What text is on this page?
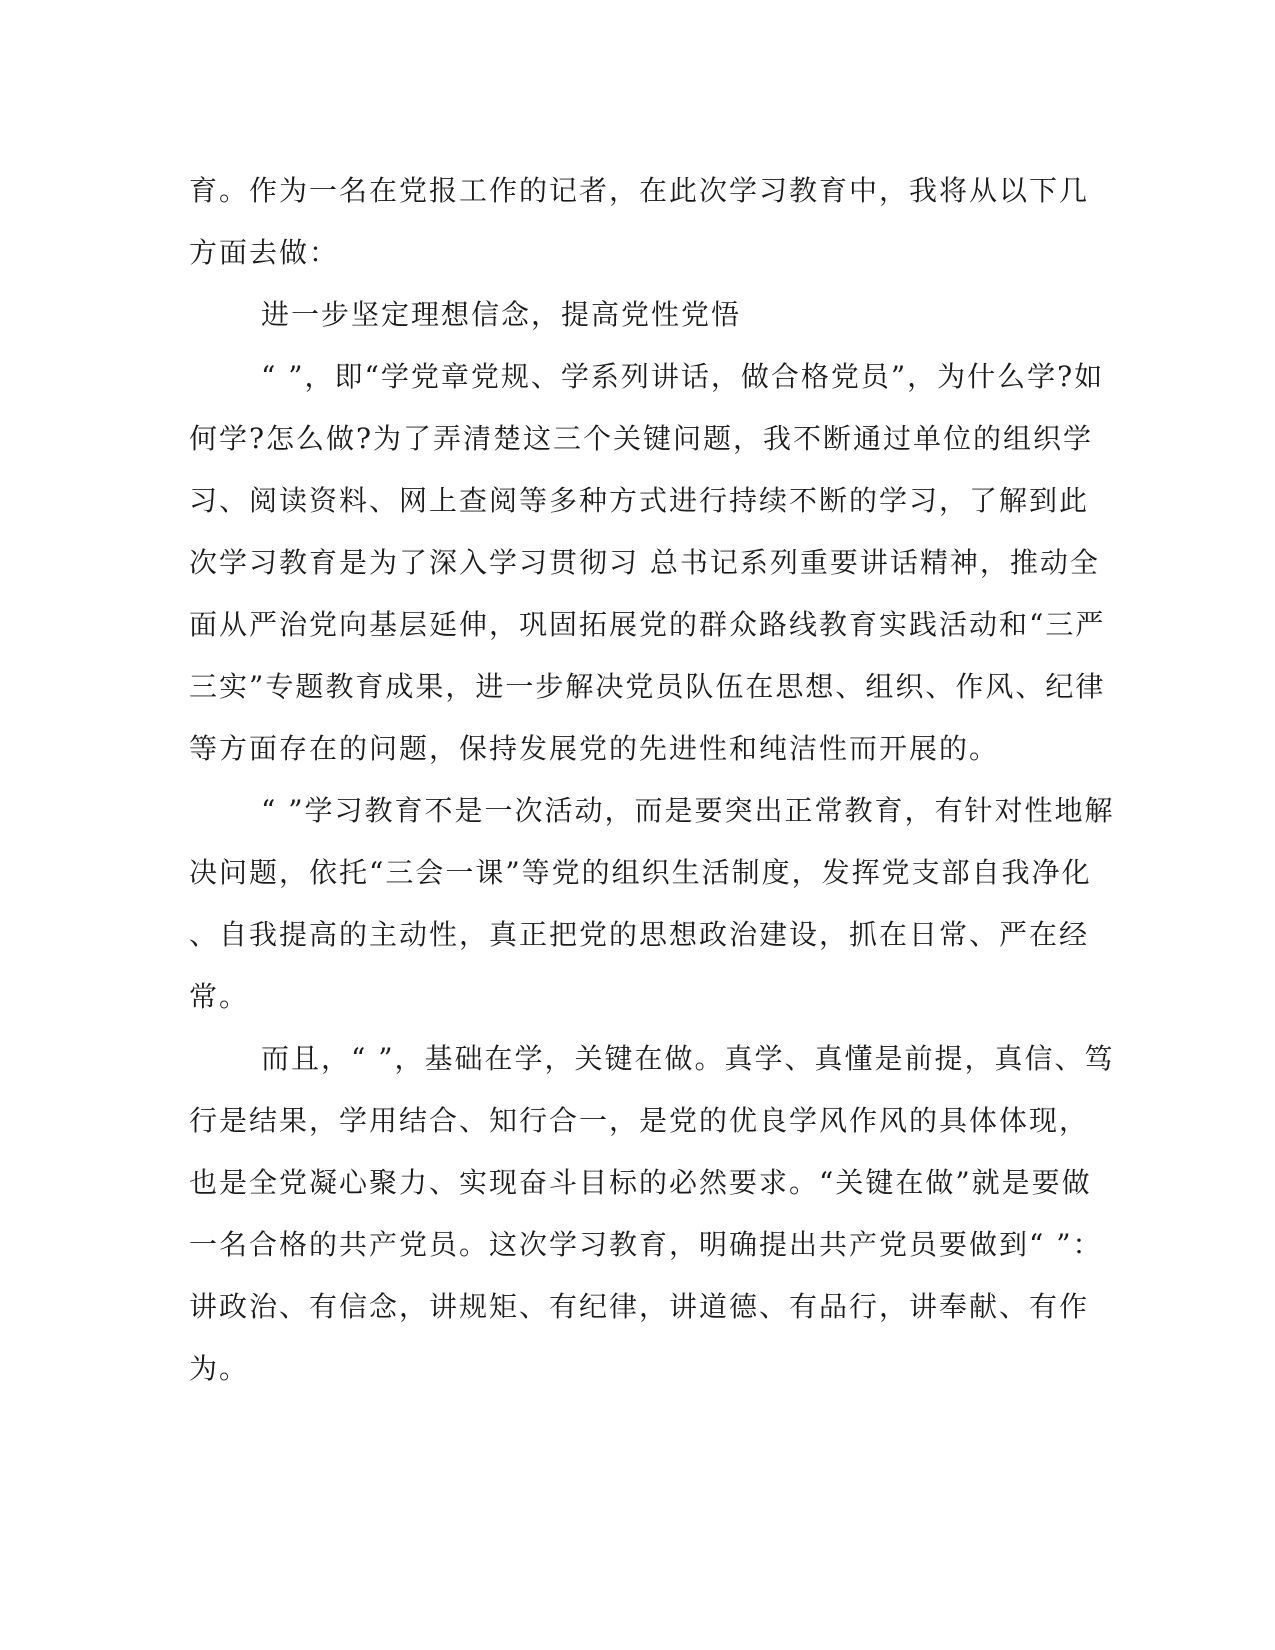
育。作为一名在党报工作的记者，在此次学习教育中，我将从以下几
方面去做：
进一步坚定理想信念，提高党性党悟
“ ”，即“学党章党规、学系列讲话，做合格党员”，为什么学?如
何学?怎么做?为了弄清楚这三个关键问题，我不断通过单位的组织学
习、阅读资料、网上查阅等多种方式进行持续不断的学习，了解到此
次学习教育是为了深入学习贯彻习 总书记系列重要讲话精神，推动全
面从严治党向基层延伸，巩固拓展党的群众路线教育实践活动和“三严
三实”专题教育成果，进一步解决党员队伍在思想、组织、作风、纪律
等方面存在的问题，保持发展党的先进性和纯洁性而开展的。
“ ”学习教育不是一次活动，而是要突出正常教育，有针对性地解
决问题，依托“三会一课”等党的组织生活制度，发挥党支部自我净化
、自我提高的主动性，真正把党的思想政治建设，抓在日常、严在经
常。
而且，“ ”，基础在学，关键在做。真学、真懂是前提，真信、笃
行是结果，学用结合、知行合一，是党的优良学风作风的具体体现，
也是全党凝心聚力、实现奋斗目标的必然要求。“关键在做”就是要做
一名合格的共产党员。这次学习教育，明确提出共产党员要做到“ ”：
讲政治、有信念，讲规矩、有纪律，讲道德、有品行，讲奉献、有作
为。
